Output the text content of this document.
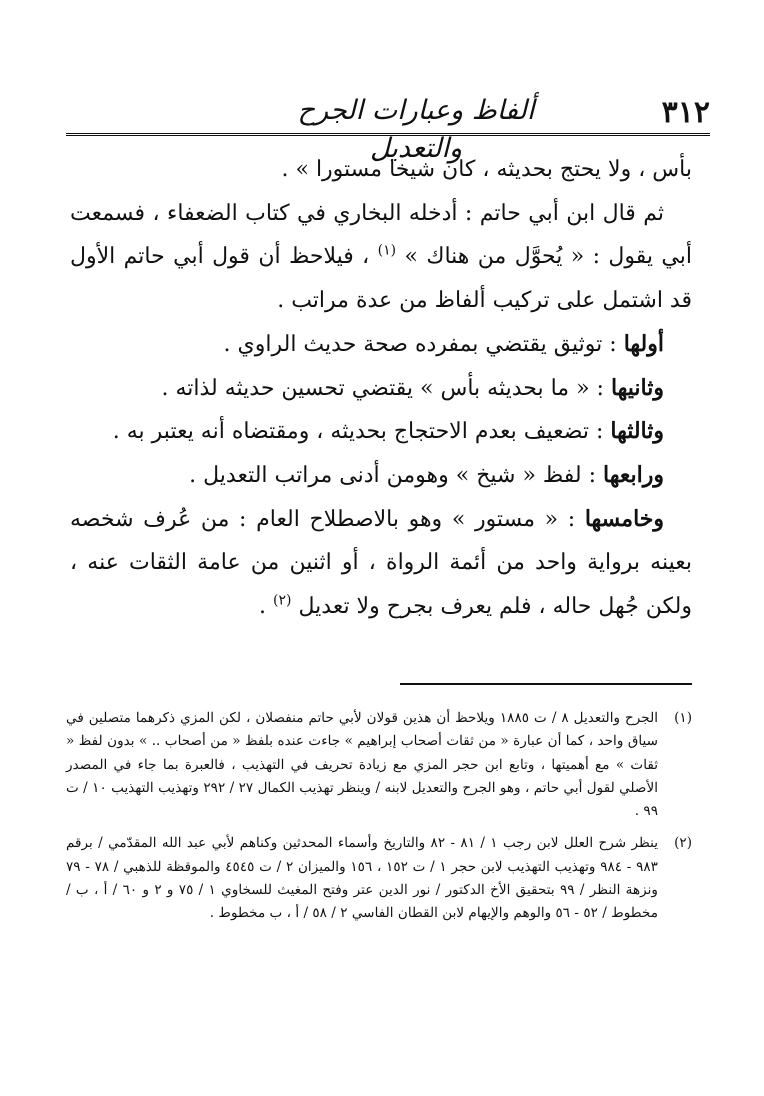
٣١٢
ألفاظ وعبارات الجرح والتعديل

بأس ، ولا يحتج بحديثه ، كان شيخا مستورا » .

ثم قال ابن أبي حاتم : أدخله البخاري في كتاب الضعفاء ، فسمعت أبي يقول : « يُحوَّل من هناك » $^{(١)}$ ، فيلاحظ أن قول أبي حاتم الأول قد اشتمل على تركيب ألفاظ من عدة مراتب .

أولها : توثيق يقتضي بمفرده صحة حديث الراوي .

وثانيها : « ما بحديثه بأس » يقتضي تحسين حديثه لذاته .

وثالثها : تضعيف بعدم الاحتجاج بحديثه ، ومقتضاه أنه يعتبر به .

ورابعها : لفظ « شيخ » وهومن أدنى مراتب التعديل .

وخامسها : « مستور » وهو بالاصطلاح العام : من عُرف شخصه بعينه برواية واحد من أئمة الرواة ، أو اثنين من عامة الثقات عنه ، ولكن جُهل حاله ، فلم يعرف بجرح ولا تعديل $^{(٢)}$ .

(١)
الجرح والتعديل ٨ / ت ١٨٨٥ ويلاحظ أن هذين قولان لأبي حاتم منفصلان ، لكن المزي ذكرهما متصلين في سياق واحد ، كما أن عبارة « من ثقات أصحاب إبراهيم » جاءت عنده بلفظ « من أصحاب .. » بدون لفظ « ثقات » مع أهميتها ، وتابع ابن حجر المزي مع زيادة تحريف في التهذيب ، فالعبرة بما جاء في المصدر الأصلي لقول أبي حاتم ، وهو الجرح والتعديل لابنه / وينظر تهذيب الكمال ٢٧ / ٢٩٢ وتهذيب التهذيب ١٠ / ت ٩٩ .
(٢)
ينظر شرح العلل لابن رجب ١ / ٨١ - ٨٢ والتاريخ وأسماء المحدثين وكناهم لأبي عبد الله المقدّمي / برقم ٩٨٣ - ٩٨٤ وتهذيب التهذيب لابن حجر ١ / ت ١٥٢ ، ١٥٦ والميزان ٢ / ت ٤٥٤٥ والموقظة للذهبي / ٧٨ - ٧٩ ونزهة النظر / ٩٩ بتحقيق الأخ الدكتور / نور الدين عتر وفتح المغيث للسخاوي ١ / ٧٥ و ٢ و ٦٠ / أ ، ب / مخطوط / ٥٢ - ٥٦ والوهم والإيهام لابن القطان الفاسي ٢ / ٥٨ / أ ، ب مخطوط .
